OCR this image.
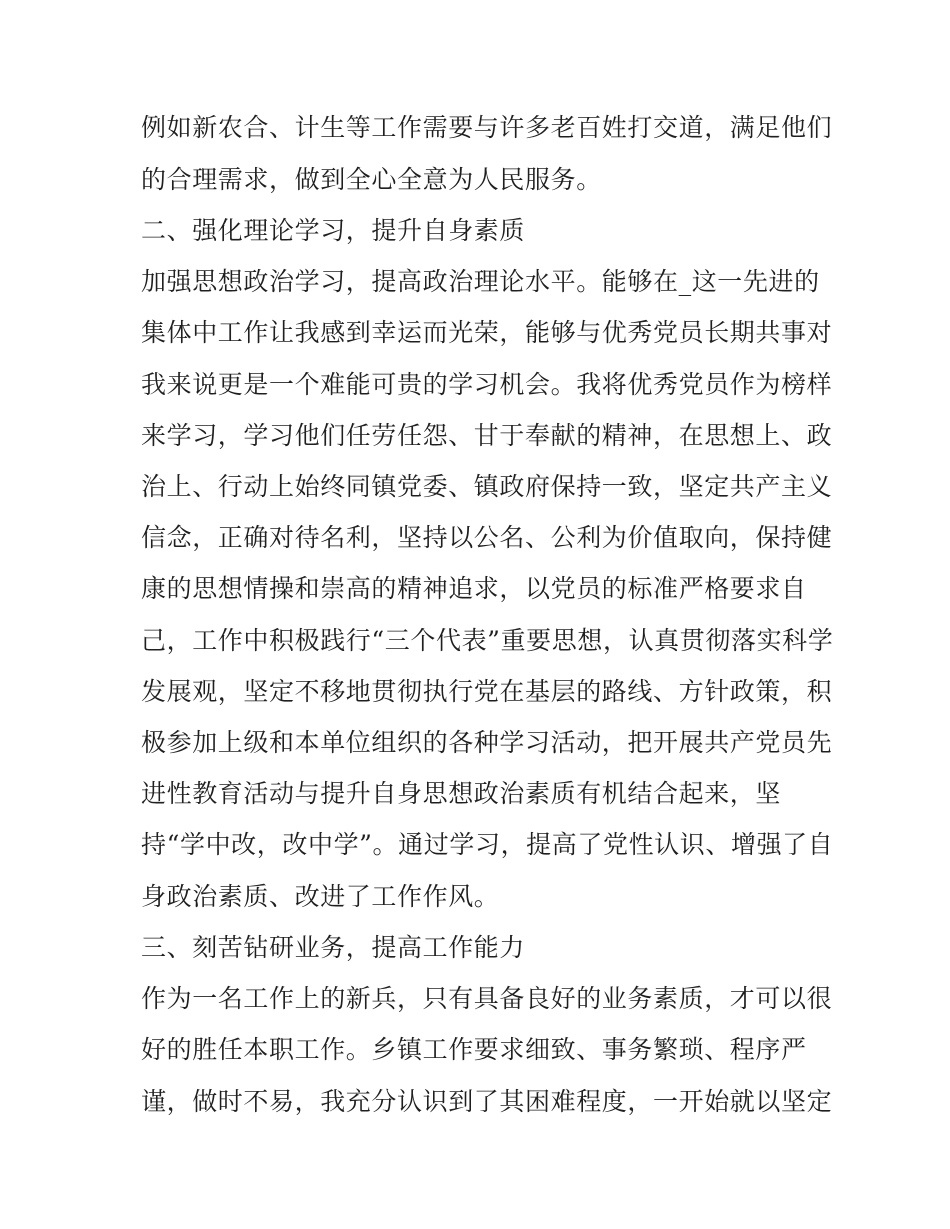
例如新农合、计生等工作需要与许多老百姓打交道，满足他们
的合理需求，做到全心全意为人民服务。
二、强化理论学习，提升自身素质
加强思想政治学习，提高政治理论水平。能够在_这一先进的
集体中工作让我感到幸运而光荣，能够与优秀党员长期共事对
我来说更是一个难能可贵的学习机会。我将优秀党员作为榜样
来学习，学习他们任劳任怨、甘于奉献的精神，在思想上、政
治上、行动上始终同镇党委、镇政府保持一致，坚定共产主义
信念，正确对待名利，坚持以公名、公利为价值取向，保持健
康的思想情操和崇高的精神追求，以党员的标准严格要求自
己，工作中积极践行“三个代表”重要思想，认真贯彻落实科学
发展观，坚定不移地贯彻执行党在基层的路线、方针政策，积
极参加上级和本单位组织的各种学习活动，把开展共产党员先
进性教育活动与提升自身思想政治素质有机结合起来，坚
持“学中改，改中学”。通过学习，提高了党性认识、增强了自
身政治素质、改进了工作作风。
三、刻苦钻研业务，提高工作能力
作为一名工作上的新兵，只有具备良好的业务素质，才可以很
好的胜任本职工作。乡镇工作要求细致、事务繁琐、程序严
谨，做时不易，我充分认识到了其困难程度，一开始就以坚定
